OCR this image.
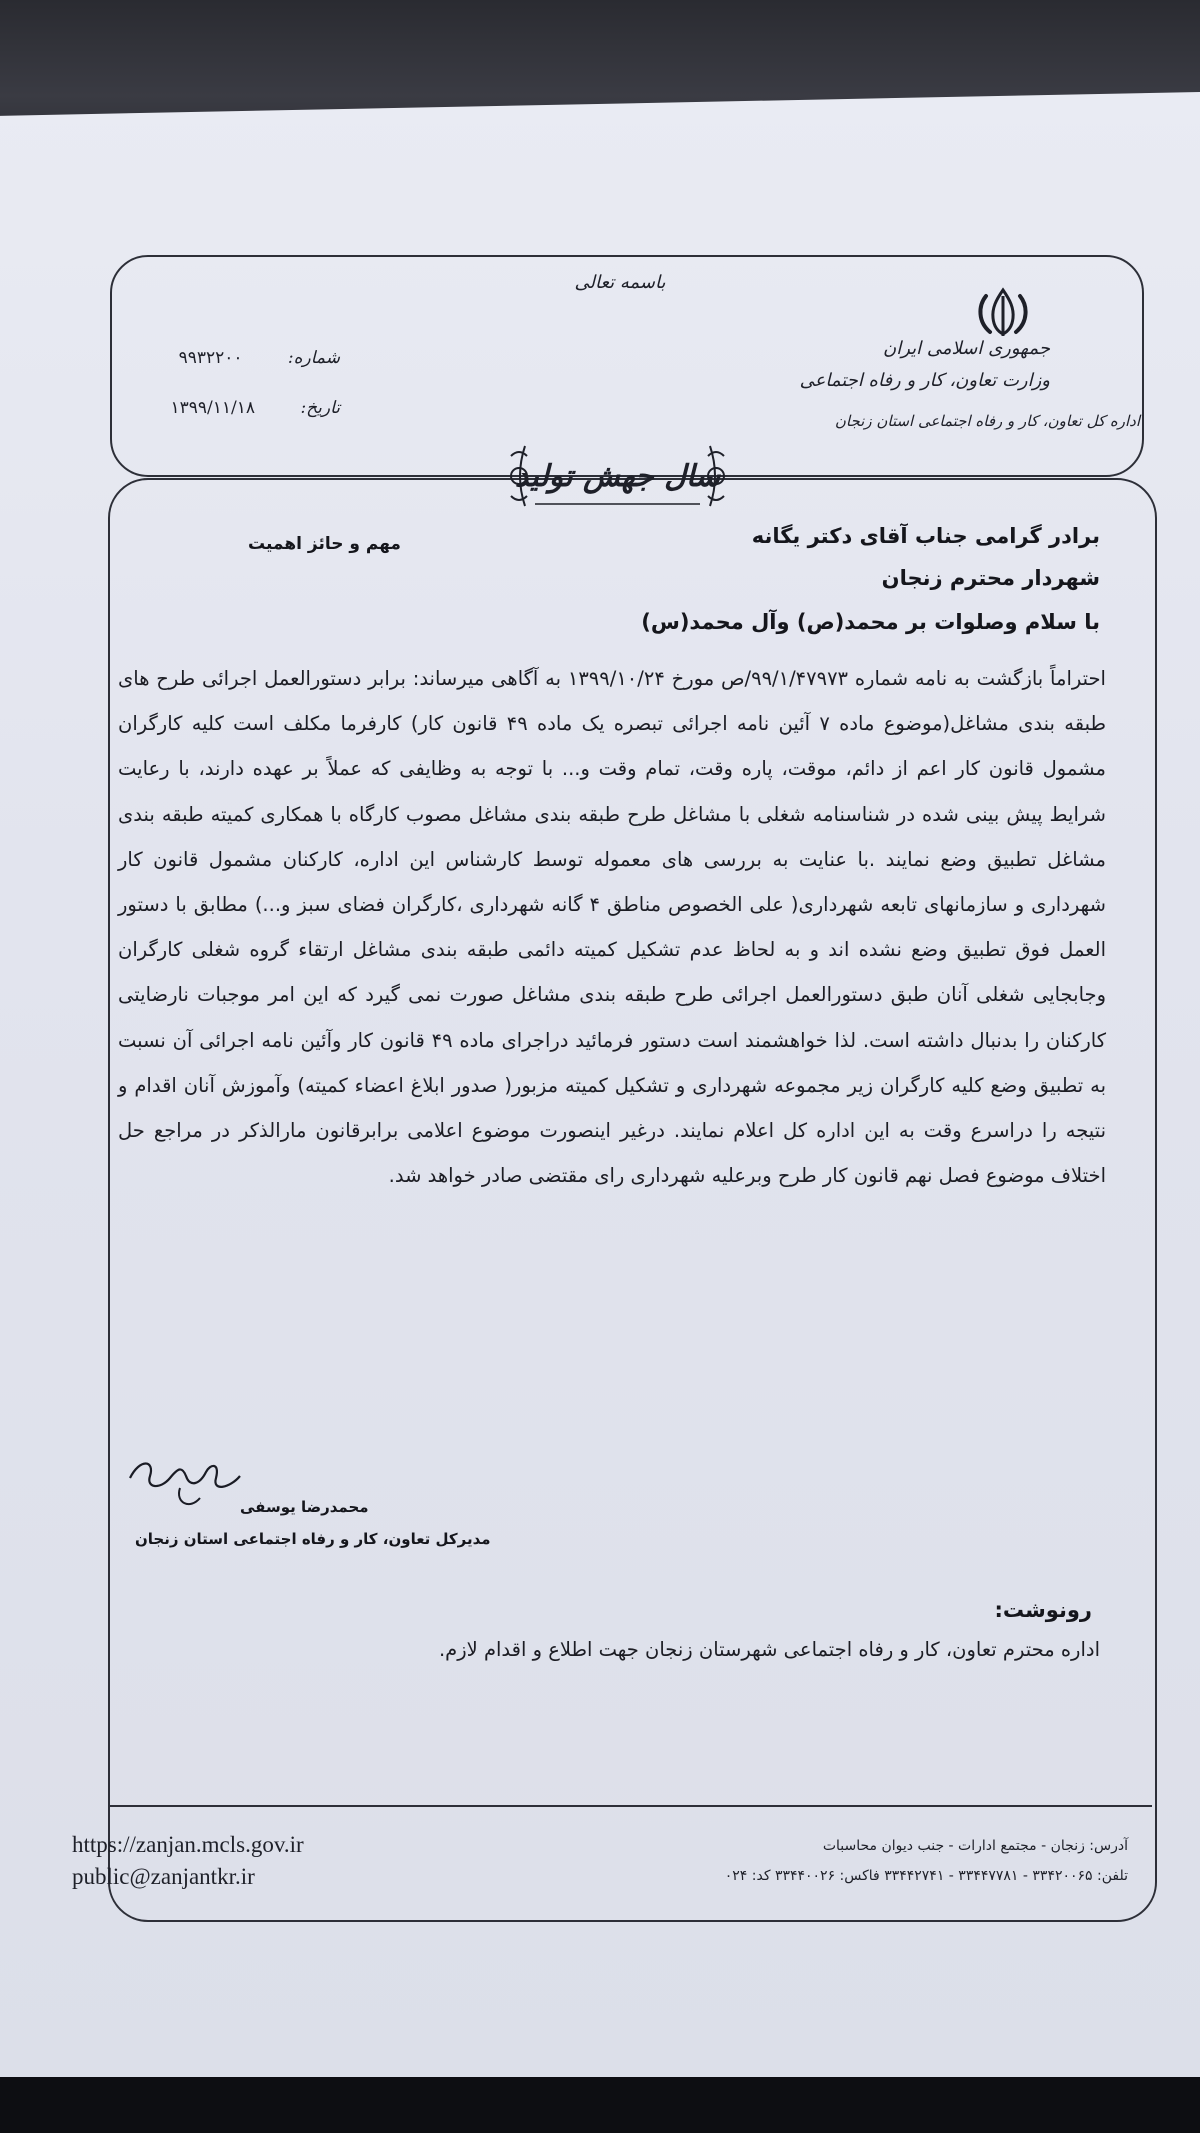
باسمه تعالی
جمهوری اسلامی ایران
وزارت تعاون، کار و رفاه اجتماعی
اداره کل تعاون، کار و رفاه اجتماعی استان زنجان
شماره: ۹۹۳۲۲۰۰
تاریخ: ۱۳۹۹/۱۱/۱۸
سال جهش تولید
برادر گرامی جناب آقای دکتر یگانه
شهردار محترم زنجان
با سلام وصلوات بر محمد(ص) وآل محمد(س)
مهم و حائز اهمیت
احتراماً بازگشت به نامه شماره ۹۹/۱/۴۷۹۷۳/ص مورخ ۱۳۹۹/۱۰/۲۴ به آگاهی میرساند: برابر دستورالعمل اجرائی طرح های طبقه بندی مشاغل(موضوع ماده ۷ آئین نامه اجرائی تبصره یک ماده ۴۹ قانون کار) کارفرما مکلف است کلیه کارگران مشمول قانون کار اعم از دائم، موقت، پاره وقت، تمام وقت و... با توجه به وظایفی که عملاً بر عهده دارند، با رعایت شرایط پیش بینی شده در شناسنامه شغلی با مشاغل طرح طبقه بندی مشاغل مصوب کارگاه با همکاری کمیته طبقه بندی مشاغل تطبیق وضع نمایند .با عنایت به بررسی های معموله توسط کارشناس این اداره، کارکنان مشمول قانون کار شهرداری و سازمانهای تابعه شهرداری( علی الخصوص مناطق ۴ گانه شهرداری ،کارگران فضای سبز و...) مطابق با دستور العمل فوق تطبیق وضع نشده اند و به لحاظ عدم تشکیل کمیته دائمی طبقه بندی مشاغل ارتقاء گروه شغلی کارگران وجابجایی شغلی آنان طبق دستورالعمل اجرائی طرح طبقه بندی مشاغل صورت نمی گیرد که این امر موجبات نارضایتی کارکنان را بدنبال داشته است. لذا خواهشمند است دستور فرمائید دراجرای ماده ۴۹ قانون کار وآئین نامه اجرائی آن نسبت به تطبیق وضع کلیه کارگران زیر مجموعه شهرداری و تشکیل کمیته مزبور( صدور ابلاغ اعضاء کمیته) وآموزش آنان اقدام و نتیجه را دراسرع وقت به این اداره کل اعلام نمایند. درغیر اینصورت موضوع اعلامی برابرقانون مارالذکر در مراجع حل اختلاف موضوع فصل نهم قانون کار طرح وبرعلیه شهرداری رای مقتضی صادر خواهد شد.
محمدرضا یوسفی
مدیرکل تعاون، کار و رفاه اجتماعی استان زنجان
رونوشت:
اداره محترم تعاون، کار و رفاه اجتماعی شهرستان زنجان جهت اطلاع و اقدام لازم.
https://zanjan.mcls.gov.ir
public@zanjantkr.ir
آدرس: زنجان - مجتمع ادارات - جنب دیوان محاسبات
تلفن: ۳۳۴۲۰۰۶۵ - ۳۳۴۴۷۷۸۱ - ۳۳۴۴۲۷۴۱ فاکس: ۳۳۴۴۰۰۲۶ کد: ۰۲۴
